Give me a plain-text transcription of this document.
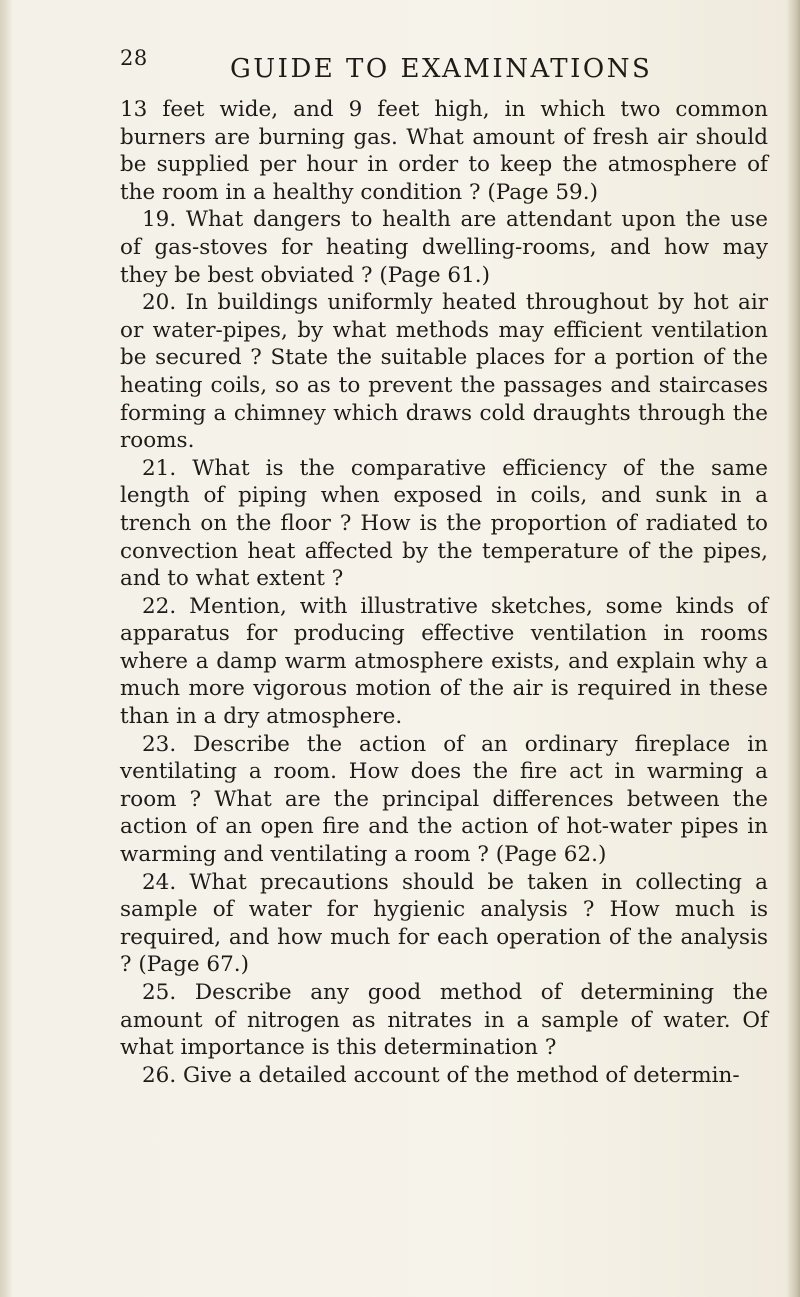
28	GUIDE TO EXAMINATIONS

13 feet wide, and 9 feet high, in which two common burners are burning gas. What amount of fresh air should be supplied per hour in order to keep the atmosphere of the room in a healthy condition ? (Page 59.)

19. What dangers to health are attendant upon the use of gas-stoves for heating dwelling-rooms, and how may they be best obviated ? (Page 61.)

20. In buildings uniformly heated throughout by hot air or water-pipes, by what methods may efficient ventilation be secured ? State the suitable places for a portion of the heating coils, so as to prevent the passages and staircases forming a chimney which draws cold draughts through the rooms.

21. What is the comparative efficiency of the same length of piping when exposed in coils, and sunk in a trench on the floor ? How is the proportion of radiated to convection heat affected by the temperature of the pipes, and to what extent ?

22. Mention, with illustrative sketches, some kinds of apparatus for producing effective ventilation in rooms where a damp warm atmosphere exists, and explain why a much more vigorous motion of the air is required in these than in a dry atmosphere.

23. Describe the action of an ordinary fireplace in ventilating a room. How does the fire act in warming a room ? What are the principal differences between the action of an open fire and the action of hot-water pipes in warming and ventilating a room ? (Page 62.)

24. What precautions should be taken in collecting a sample of water for hygienic analysis ? How much is required, and how much for each operation of the analysis ? (Page 67.)

25. Describe any good method of determining the amount of nitrogen as nitrates in a sample of water. Of what importance is this determination ?

26. Give a detailed account of the method of determin-
